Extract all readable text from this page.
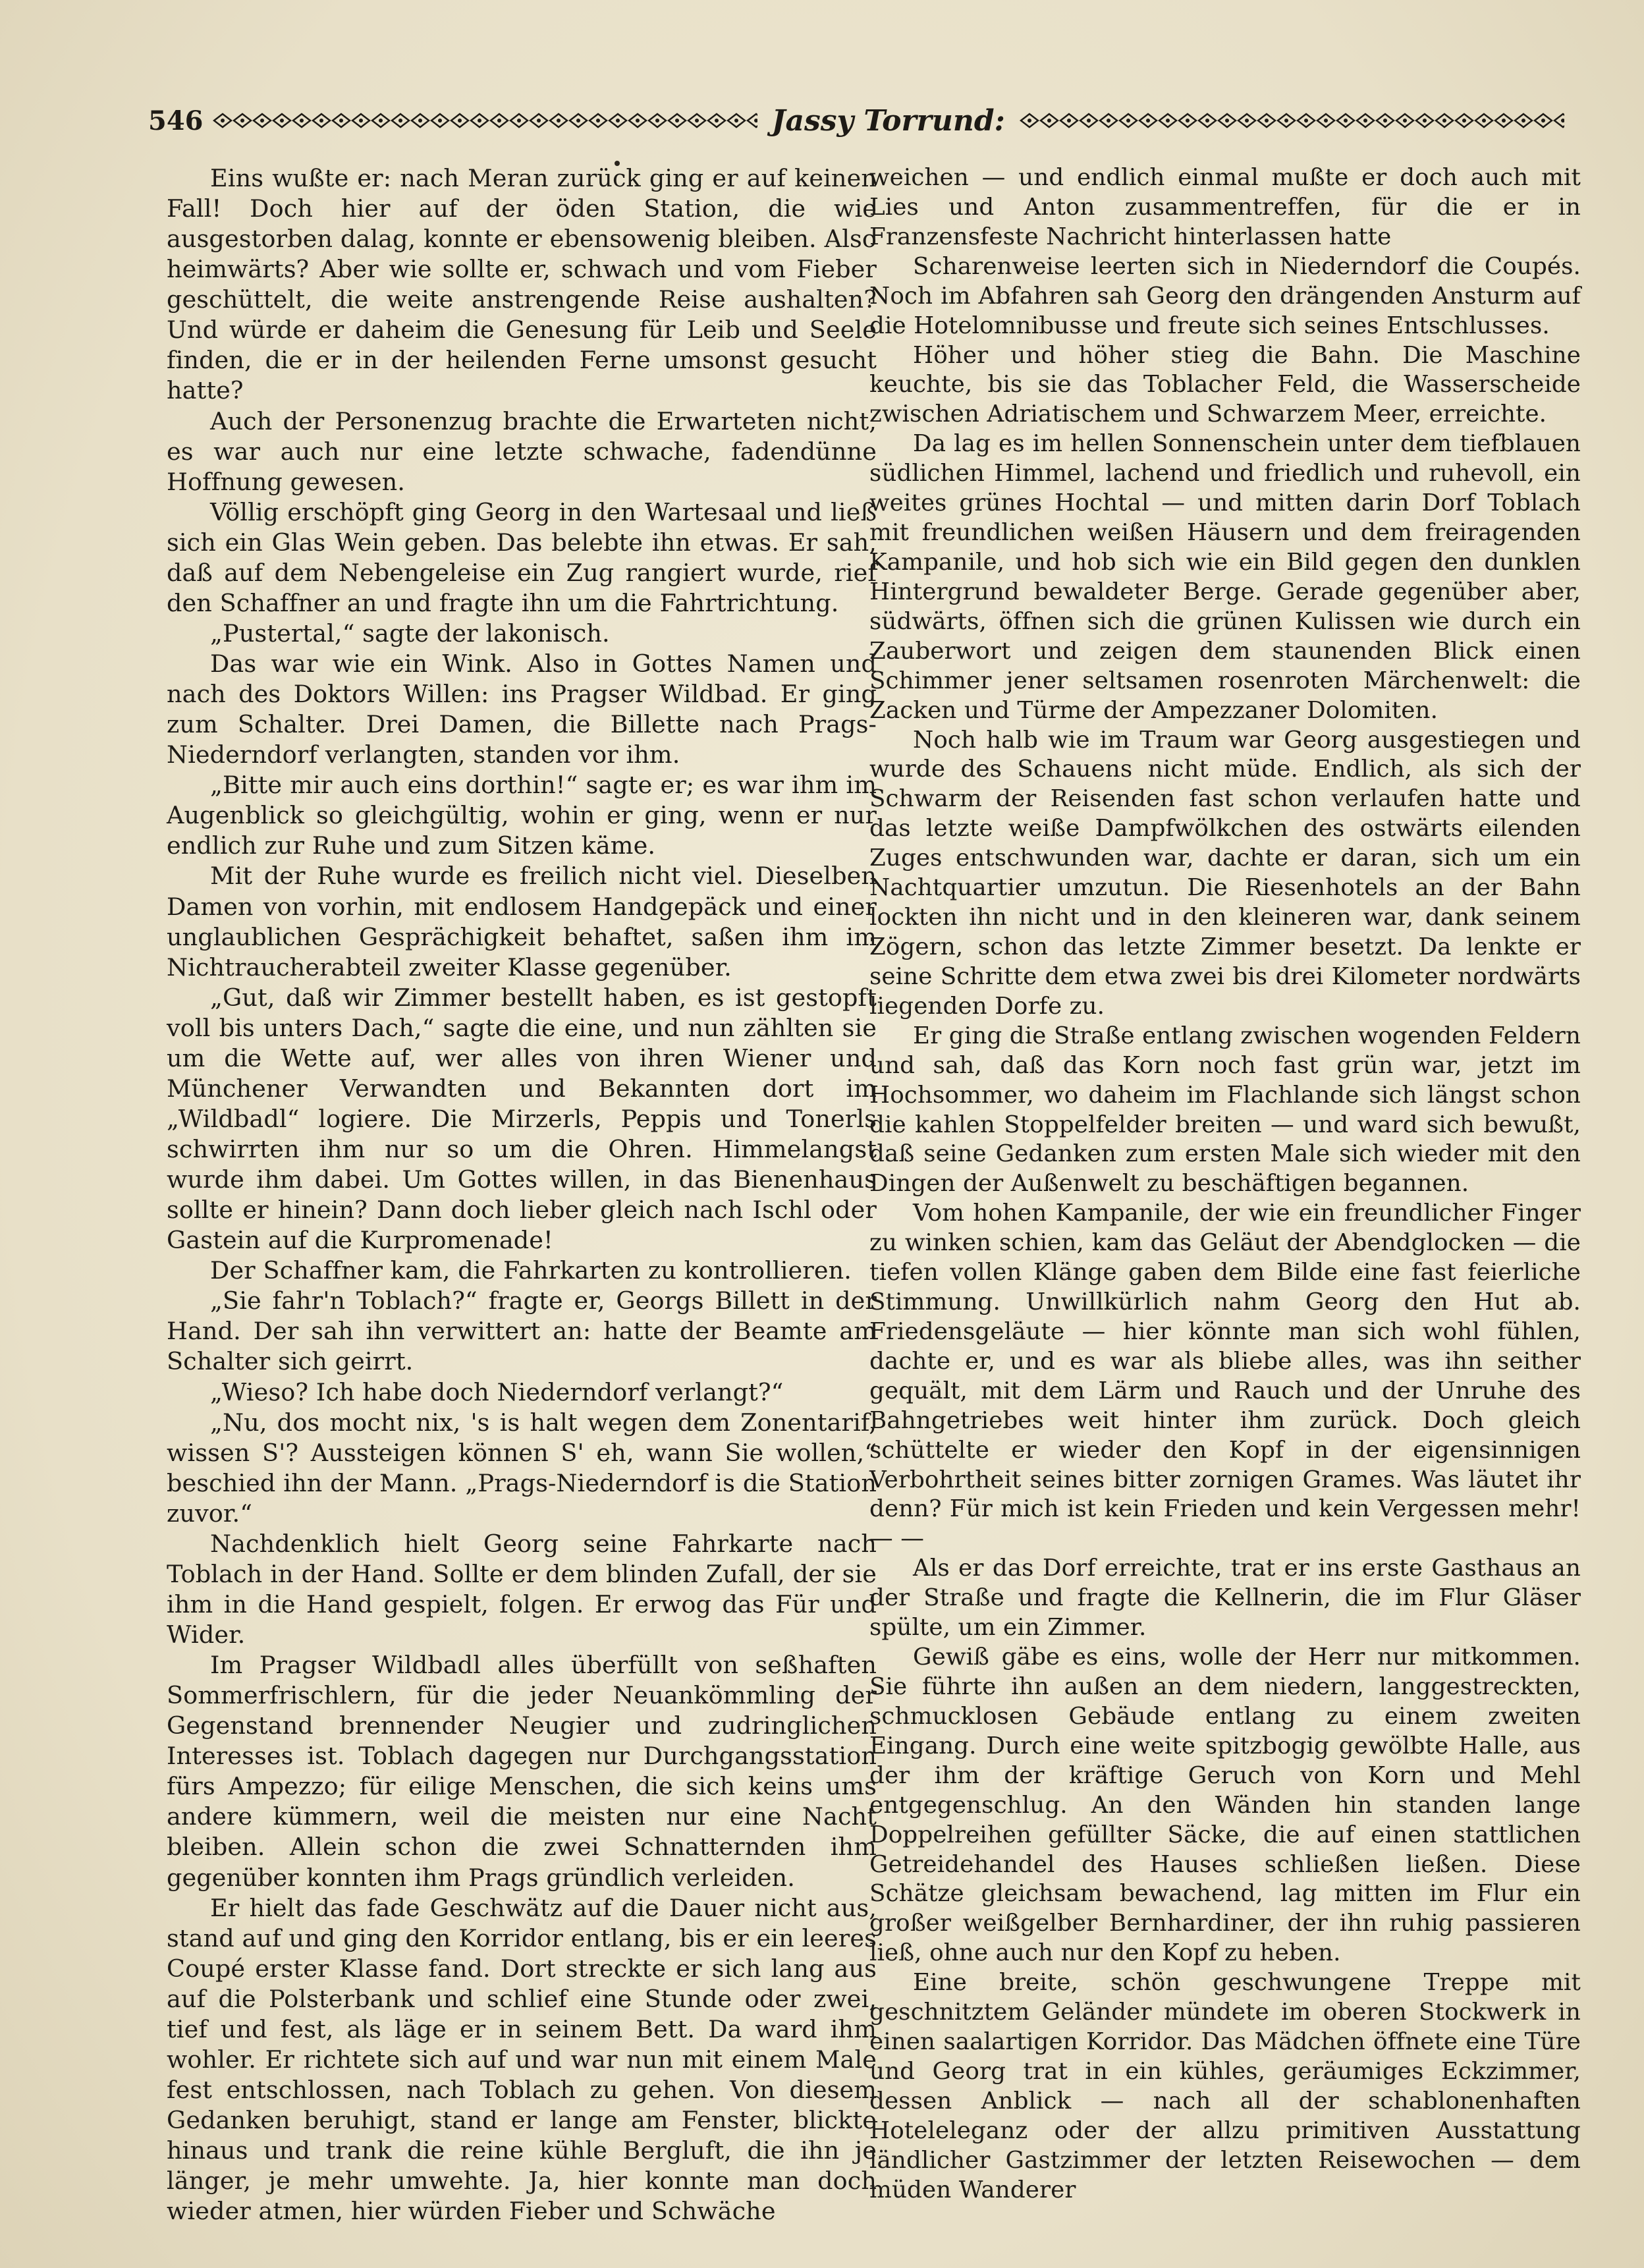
546	Jassy Torrund:

Eins wußte er: nach Meran zurück ging er auf keinen Fall! Doch hier auf der öden Station, die wie ausgestorben dalag, konnte er ebensowenig bleiben. Also heimwärts? Aber wie sollte er, schwach und vom Fieber geschüttelt, die weite anstrengende Reise aushalten? Und würde er daheim die Genesung für Leib und Seele finden, die er in der heilenden Ferne umsonst gesucht hatte?

Auch der Personenzug brachte die Erwarteten nicht, es war auch nur eine letzte schwache, fadendünne Hoffnung gewesen.

Völlig erschöpft ging Georg in den Wartesaal und ließ sich ein Glas Wein geben. Das belebte ihn etwas. Er sah, daß auf dem Nebengeleise ein Zug rangiert wurde, rief den Schaffner an und fragte ihn um die Fahrtrichtung.

„Pustertal,“ sagte der lakonisch.

Das war wie ein Wink. Also in Gottes Namen und nach des Doktors Willen: ins Pragser Wildbad. Er ging zum Schalter. Drei Damen, die Billette nach Prags-Niederndorf verlangten, standen vor ihm.

„Bitte mir auch eins dorthin!“ sagte er; es war ihm im Augenblick so gleichgültig, wohin er ging, wenn er nur endlich zur Ruhe und zum Sitzen käme.

Mit der Ruhe wurde es freilich nicht viel. Dieselben Damen von vorhin, mit endlosem Handgepäck und einer unglaublichen Gesprächigkeit behaftet, saßen ihm im Nichtraucherabteil zweiter Klasse gegenüber.

„Gut, daß wir Zimmer bestellt haben, es ist gestopft voll bis unters Dach,“ sagte die eine, und nun zählten sie um die Wette auf, wer alles von ihren Wiener und Münchener Verwandten und Bekannten dort im „Wildbadl“ logiere. Die Mirzerls, Peppis und Tonerls schwirrten ihm nur so um die Ohren. Himmelangst wurde ihm dabei. Um Gottes willen, in das Bienenhaus sollte er hinein? Dann doch lieber gleich nach Ischl oder Gastein auf die Kurpromenade!

Der Schaffner kam, die Fahrkarten zu kontrollieren.

„Sie fahr'n Toblach?“ fragte er, Georgs Billett in der Hand. Der sah ihn verwittert an: hatte der Beamte am Schalter sich geirrt.

„Wieso? Ich habe doch Niederndorf verlangt?“

„Nu, dos mocht nix, 's is halt wegen dem Zonentarif, wissen S'? Aussteigen können S' eh, wann Sie wollen,“ beschied ihn der Mann. „Prags-Niederndorf is die Station zuvor.“

Nachdenklich hielt Georg seine Fahrkarte nach Toblach in der Hand. Sollte er dem blinden Zufall, der sie ihm in die Hand gespielt, folgen. Er erwog das Für und Wider.

Im Pragser Wildbadl alles überfüllt von seßhaften Sommerfrischlern, für die jeder Neuankömmling der Gegenstand brennender Neugier und zudringlichen Interesses ist. Toblach dagegen nur Durchgangsstation fürs Ampezzo; für eilige Menschen, die sich keins ums andere kümmern, weil die meisten nur eine Nacht bleiben. Allein schon die zwei Schnatternden ihm gegenüber konnten ihm Prags gründlich verleiden.

Er hielt das fade Geschwätz auf die Dauer nicht aus, stand auf und ging den Korridor entlang, bis er ein leeres Coupé erster Klasse fand. Dort streckte er sich lang aus auf die Polsterbank und schlief eine Stunde oder zwei, tief und fest, als läge er in seinem Bett. Da ward ihm wohler. Er richtete sich auf und war nun mit einem Male fest entschlossen, nach Toblach zu gehen. Von diesem Gedanken beruhigt, stand er lange am Fenster, blickte hinaus und trank die reine kühle Bergluft, die ihn je länger, je mehr umwehte. Ja, hier konnte man doch wieder atmen, hier würden Fieber und Schwäche

weichen — und endlich einmal mußte er doch auch mit Lies und Anton zusammentreffen, für die er in Franzensfeste Nachricht hinterlassen hatte

Scharenweise leerten sich in Niederndorf die Coupés. Noch im Abfahren sah Georg den drängenden Ansturm auf die Hotelomnibusse und freute sich seines Entschlusses.

Höher und höher stieg die Bahn. Die Maschine keuchte, bis sie das Toblacher Feld, die Wasserscheide zwischen Adriatischem und Schwarzem Meer, erreichte.

Da lag es im hellen Sonnenschein unter dem tiefblauen südlichen Himmel, lachend und friedlich und ruhevoll, ein weites grünes Hochtal — und mitten darin Dorf Toblach mit freundlichen weißen Häusern und dem freiragenden Kampanile, und hob sich wie ein Bild gegen den dunklen Hintergrund bewaldeter Berge. Gerade gegenüber aber, südwärts, öffnen sich die grünen Kulissen wie durch ein Zauberwort und zeigen dem staunenden Blick einen Schimmer jener seltsamen rosenroten Märchenwelt: die Zacken und Türme der Ampezzaner Dolomiten.

Noch halb wie im Traum war Georg ausgestiegen und wurde des Schauens nicht müde. Endlich, als sich der Schwarm der Reisenden fast schon verlaufen hatte und das letzte weiße Dampfwölkchen des ostwärts eilenden Zuges entschwunden war, dachte er daran, sich um ein Nachtquartier umzutun. Die Riesenhotels an der Bahn lockten ihn nicht und in den kleineren war, dank seinem Zögern, schon das letzte Zimmer besetzt. Da lenkte er seine Schritte dem etwa zwei bis drei Kilometer nordwärts liegenden Dorfe zu.

Er ging die Straße entlang zwischen wogenden Feldern und sah, daß das Korn noch fast grün war, jetzt im Hochsommer, wo daheim im Flachlande sich längst schon die kahlen Stoppelfelder breiten — und ward sich bewußt, daß seine Gedanken zum ersten Male sich wieder mit den Dingen der Außenwelt zu beschäftigen begannen.

Vom hohen Kampanile, der wie ein freundlicher Finger zu winken schien, kam das Geläut der Abendglocken — die tiefen vollen Klänge gaben dem Bilde eine fast feierliche Stimmung. Unwillkürlich nahm Georg den Hut ab. Friedensgeläute — hier könnte man sich wohl fühlen, dachte er, und es war als bliebe alles, was ihn seither gequält, mit dem Lärm und Rauch und der Unruhe des Bahngetriebes weit hinter ihm zurück. Doch gleich schüttelte er wieder den Kopf in der eigensinnigen Verbohrtheit seines bitter zornigen Grames. Was läutet ihr denn? Für mich ist kein Frieden und kein Vergessen mehr! — —

Als er das Dorf erreichte, trat er ins erste Gasthaus an der Straße und fragte die Kellnerin, die im Flur Gläser spülte, um ein Zimmer.

Gewiß gäbe es eins, wolle der Herr nur mitkommen. Sie führte ihn außen an dem niedern, langgestreckten, schmucklosen Gebäude entlang zu einem zweiten Eingang. Durch eine weite spitzbogig gewölbte Halle, aus der ihm der kräftige Geruch von Korn und Mehl entgegenschlug. An den Wänden hin standen lange Doppelreihen gefüllter Säcke, die auf einen stattlichen Getreidehandel des Hauses schließen ließen. Diese Schätze gleichsam bewachend, lag mitten im Flur ein großer weißgelber Bernhardiner, der ihn ruhig passieren ließ, ohne auch nur den Kopf zu heben.

Eine breite, schön geschwungene Treppe mit geschnitztem Geländer mündete im oberen Stockwerk in einen saalartigen Korridor. Das Mädchen öffnete eine Türe und Georg trat in ein kühles, geräumiges Eckzimmer, dessen Anblick — nach all der schablonenhaften Hoteleleganz oder der allzu primitiven Ausstattung ländlicher Gastzimmer der letzten Reisewochen — dem müden Wanderer
